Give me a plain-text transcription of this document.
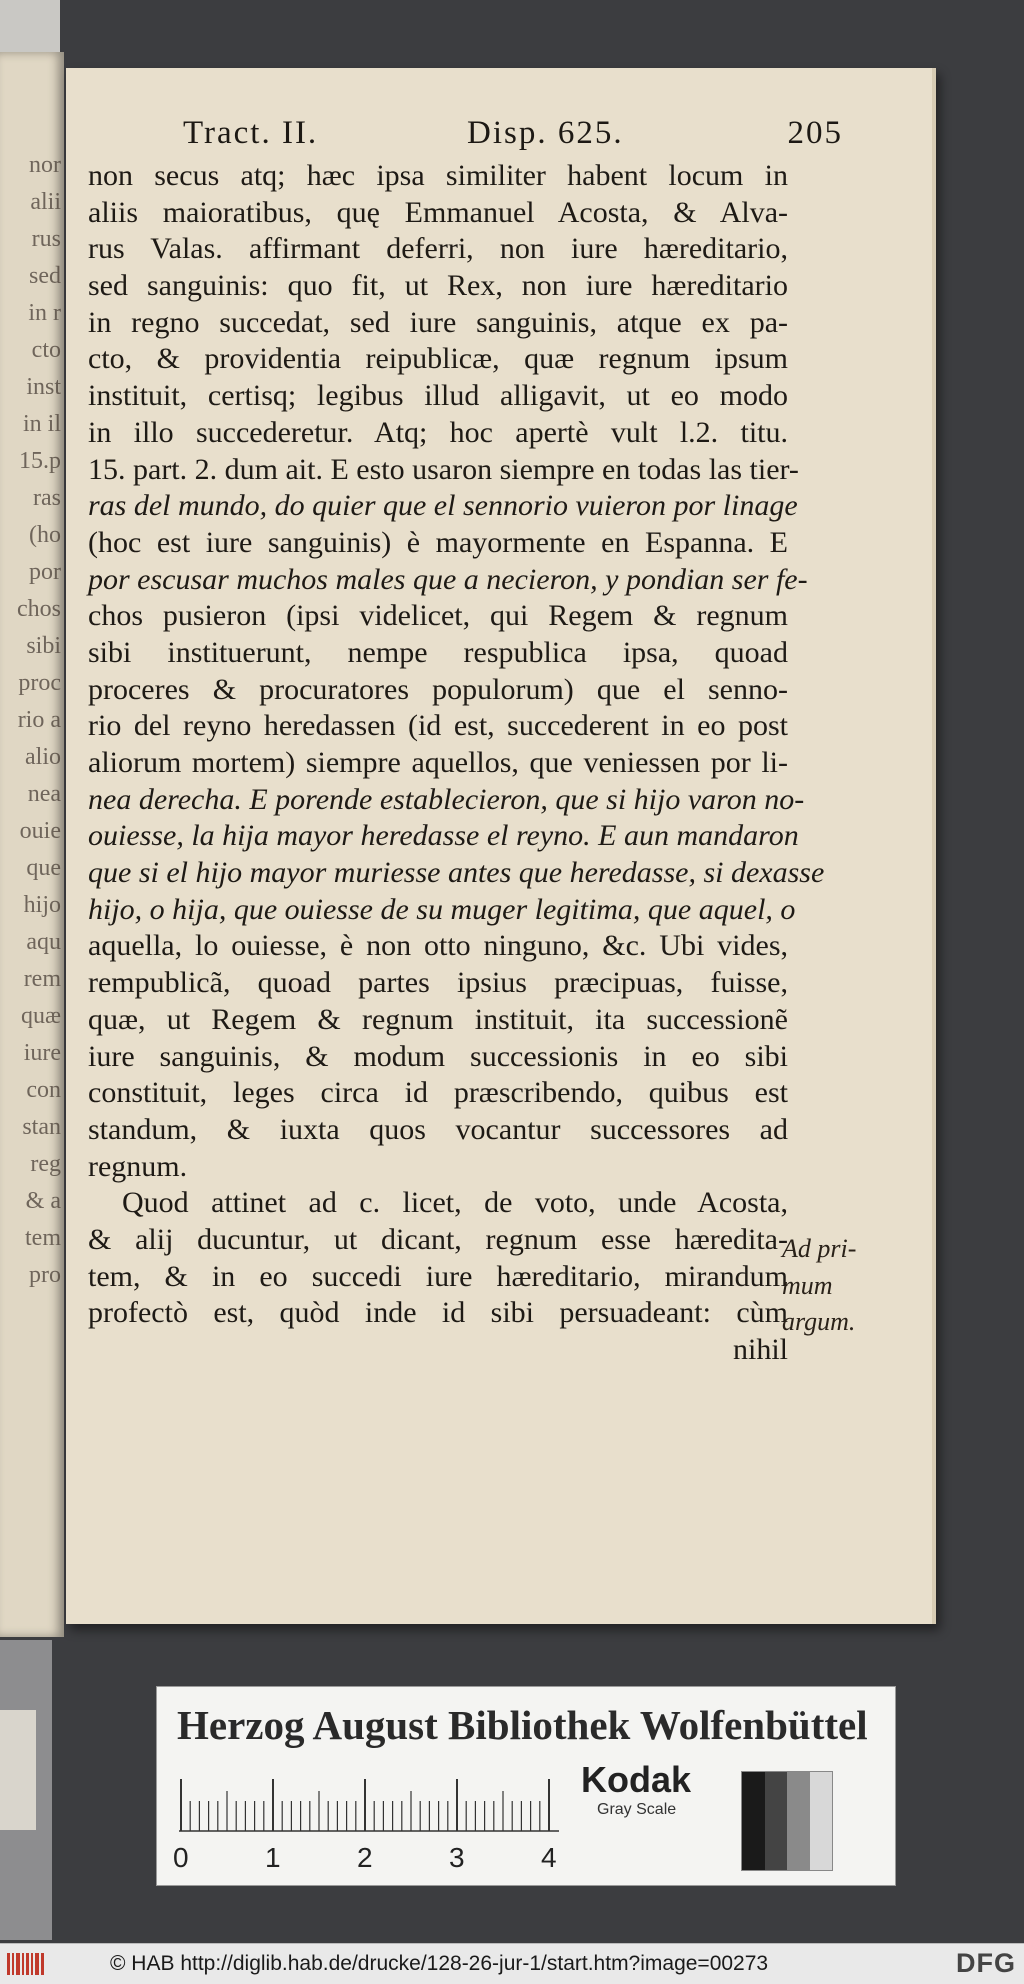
nor
alii
rus
sed
in r
cto
inst
in il
15.p
ras
(ho
por
chos
sibi
proc
rio a
alio
nea
ouie
que
hijo
aqu
rem
quæ
iure
con
stan
reg
& a
tem
pro
Tract. II.	Disp. 625.	205
non secus atq; hæc ipsa similiter habent locum in
aliis maioratibus, quę Emmanuel Acosta, & Alva-
rus Valas. affirmant deferri, non iure hæreditario,
sed sanguinis: quo fit, ut Rex, non iure hæreditario
in regno succedat, sed iure sanguinis, atque ex pa-
cto, & providentia reipublicæ, quæ regnum ipsum
instituit, certisq; legibus illud alligavit, ut eo modo
in illo succederetur. Atq; hoc apertè vult l.2. titu.
15. part. 2. dum ait. E esto usaron siempre en todas las tier-
ras del mundo, do quier que el sennorio vuieron por linage
(hoc est iure sanguinis) è mayormente en Espanna. E
por escusar muchos males que a necieron, y pondian ser fe-
chos pusieron (ipsi videlicet, qui Regem & regnum
sibi instituerunt, nempe respublica ipsa, quoad
proceres & procuratores populorum) que el senno-
rio del reyno heredassen (id est, succederent in eo post
aliorum mortem) siempre aquellos, que veniessen por li-
nea derecha. E porende establecieron, que si hijo varon no-
ouiesse, la hija mayor heredasse el reyno. E aun mandaron
que si el hijo mayor muriesse antes que heredasse, si dexasse
hijo, o hija, que ouiesse de su muger legitima, que aquel, o
aquella, lo ouiesse, è non otto ninguno, &c. Ubi vides,
rempublicã, quoad partes ipsius præcipuas, fuisse,
quæ, ut Regem & regnum instituit, ita successionẽ
iure sanguinis, & modum successionis in eo sibi
constituit, leges circa id præscribendo, quibus est
standum, & iuxta quos vocantur successores ad
regnum.
Quod attinet ad c. licet, de voto, unde Acosta,
& alij ducuntur, ut dicant, regnum esse hæredita-
tem, & in eo succedi iure hæreditario, mirandum
profectò est, quòd inde id sibi persuadeant: cùm
nihil
Ad pri-
mum
argum.
Herzog August Bibliothek Wolfenbüttel
0	1	2	3	4
Kodak
Gray Scale
© HAB http://diglib.hab.de/drucke/128-26-jur-1/start.htm?image=00273	DFG
